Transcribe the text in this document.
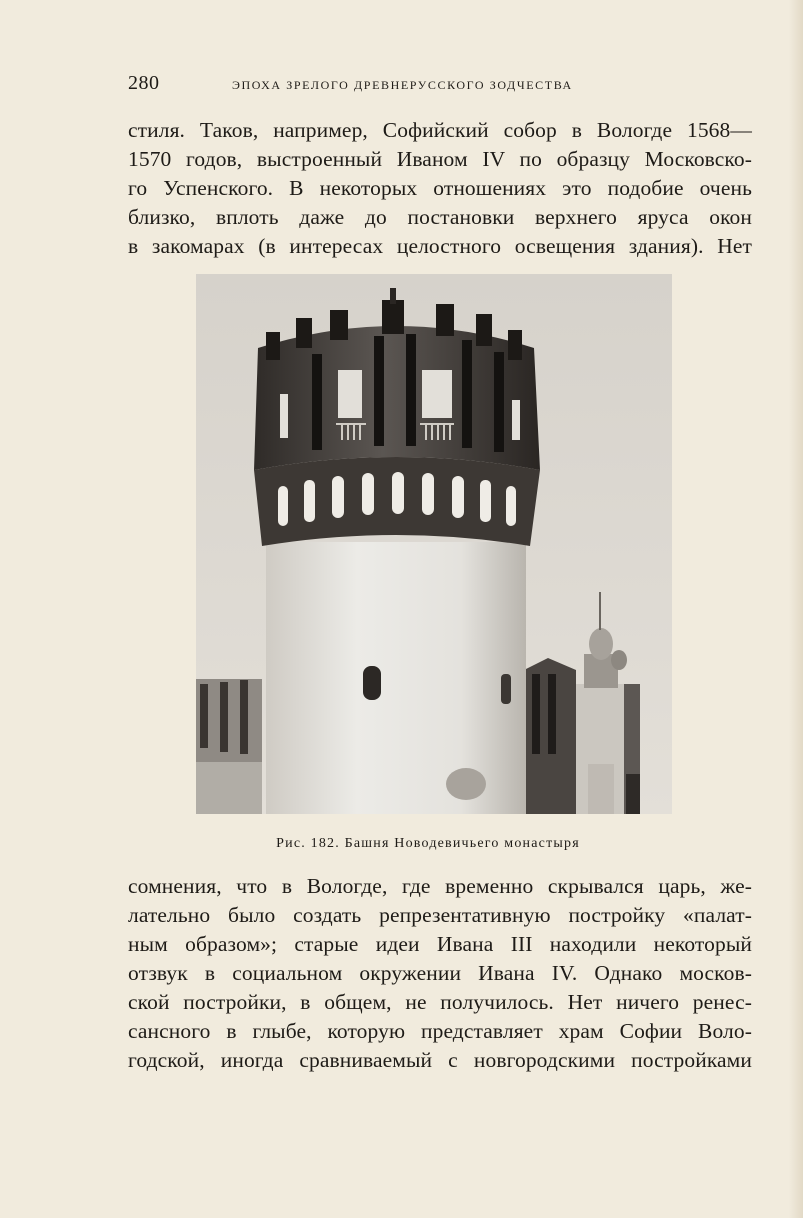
280	ЭПОХА ЗРЕЛОГО ДРЕВНЕРУССКОГО ЗОДЧЕСТВА

стиля. Таков, например, Софийский собор в Вологде 1568—
1570 годов, выстроенный Иваном IV по образцу Московско-
го Успенского. В некоторых отношениях это подобие очень
близко, вплоть даже до постановки верхнего яруса окон
в закомарах (в интересах целостного освещения здания). Нет

Рис. 182. Башня Новодевичьего монастыря

сомнения, что в Вологде, где временно скрывался царь, же-
лательно было создать репрезентативную постройку «палат-
ным образом»; старые идеи Ивана III находили некоторый
отзвук в социальном окружении Ивана IV. Однако москов-
ской постройки, в общем, не получилось. Нет ничего ренес-
сансного в глыбе, которую представляет храм Софии Воло-
годской, иногда сравниваемый с новгородскими постройками
